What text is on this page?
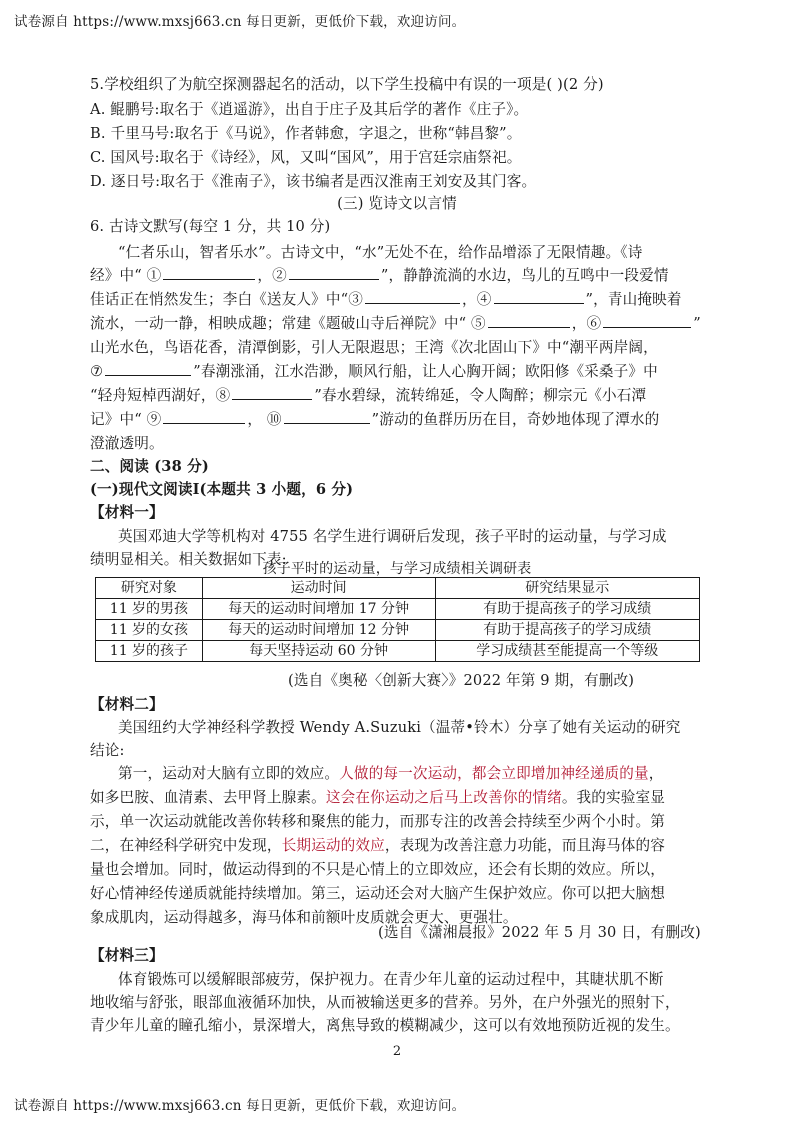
试卷源自 https://www.mxsj663.cn 每日更新，更低价下载，欢迎访问。
5.学校组织了为航空探测器起名的活动，以下学生投稿中有误的一项是( )(2 分)
A. 鲲鹏号:取名于《逍遥游》，出自于庄子及其后学的著作《庄子》。
B. 千里马号:取名于《马说》，作者韩愈，字退之，世称“韩昌黎”。
C. 国风号:取名于《诗经》，风，又叫“国风”，用于宫廷宗庙祭祀。
D. 逐日号:取名于《淮南子》，该书编者是西汉淮南王刘安及其门客。
(三) 览诗文以言情
6. 古诗文默写(每空 1 分，共 10 分)
“仁者乐山，智者乐水”。古诗文中，“水”无处不在，给作品增添了无限情趣。《诗
经》中“ ①	，②	”，静静流淌的水边，鸟儿的互鸣中一段爱情
佳话正在悄然发生；李白《送友人》中“③	，④	”，青山掩映着
流水，一动一静，相映成趣；常建《题破山寺后禅院》中“ ⑤	，⑥	”
山光水色，鸟语花香，清潭倒影，引人无限遐思；王湾《次北固山下》中“潮平两岸阔，
⑦	”春潮涨涌，江水浩渺，顺风行船，让人心胸开阔；欧阳修《采桑子》中
“轻舟短棹西湖好，⑧	”春水碧绿，流转绵延，令人陶醉；柳宗元《小石潭
记》中“ ⑨	， ⑩	”游动的鱼群历历在目，奇妙地体现了潭水的
澄澈透明。
二、阅读 (38 分)
(一)现代文阅读Ⅰ(本题共 3 小题，6 分)
【材料一】
英国邓迪大学等机构对 4755 名学生进行调研后发现，孩子平时的运动量，与学习成
绩明显相关。相关数据如下表:
孩子平时的运动量，与学习成绩相关调研表
研究对象	运动时间	研究结果显示
11 岁的男孩	每天的运动时间增加 17 分钟	有助于提高孩子的学习成绩
11 岁的女孩	每天的运动时间增加 12 分钟	有助于提高孩子的学习成绩
11 岁的孩子	每天坚持运动 60 分钟	学习成绩甚至能提高一个等级
(选自《奥秘〈创新大赛〉》2022 年第 9 期，有删改)
【材料二】
美国纽约大学神经科学教授 Wendy A.Suzuki（温蒂•铃木）分享了她有关运动的研究
结论:
第一，运动对大脑有立即的效应。人做的每一次运动，都会立即增加神经递质的量，
如多巴胺、血清素、去甲肾上腺素。这会在你运动之后马上改善你的情绪。我的实验室显
示，单一次运动就能改善你转移和聚焦的能力，而那专注的改善会持续至少两个小时。第
二，在神经科学研究中发现，长期运动的效应，表现为改善注意力功能，而且海马体的容
量也会增加。同时，做运动得到的不只是心情上的立即效应，还会有长期的效应。所以，
好心情神经传递质就能持续增加。第三，运动还会对大脑产生保护效应。你可以把大脑想
象成肌肉，运动得越多，海马体和前额叶皮质就会更大、更强壮。
(选自《潇湘晨报》2022 年 5 月 30 日，有删改)
【材料三】
体育锻炼可以缓解眼部疲劳，保护视力。在青少年儿童的运动过程中，其睫状肌不断
地收缩与舒张，眼部血液循环加快，从而被输送更多的营养。另外，在户外强光的照射下，
青少年儿童的瞳孔缩小，景深增大，离焦导致的模糊减少，这可以有效地预防近视的发生。
2
试卷源自 https://www.mxsj663.cn 每日更新，更低价下载，欢迎访问。
